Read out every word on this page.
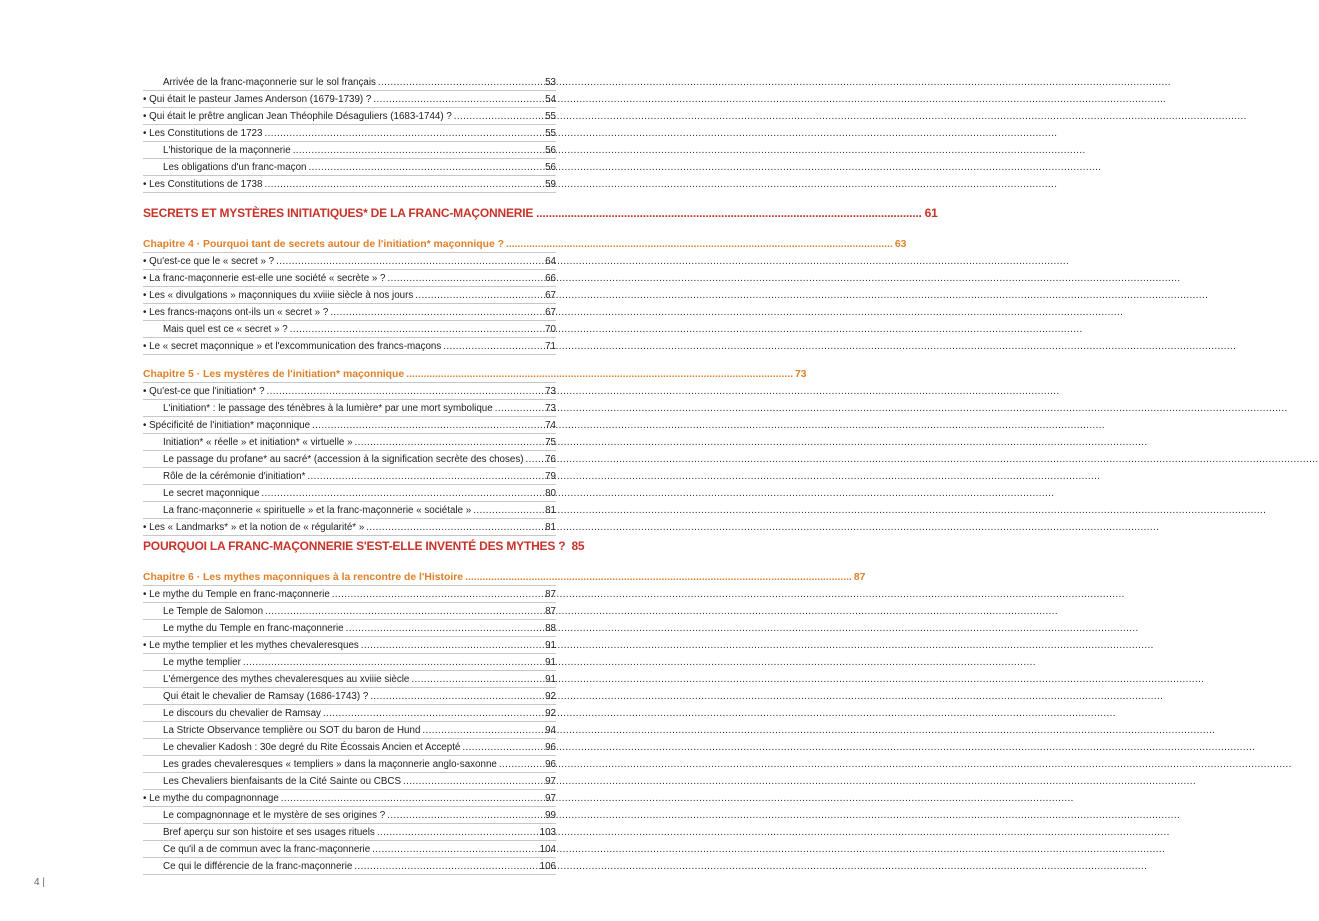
Arrivée de la franc-maçonnerie sur le sol français .....	53
• Qui était le pasteur James Anderson (1679-1739) ? .....	54
• Qui était le prêtre anglican Jean Théophile Désaguliers (1683-1744) ? .....	55
• Les Constitutions de 1723 .....	55
L'historique de la maçonnerie .....	56
Les obligations d'un franc-maçon .....	56
• Les Constitutions de 1738 .....	59
SECRETS ET MYSTÈRES INITIATIQUES* DE LA FRANC-MAÇONNERIE .....	61
Chapitre 4 · Pourquoi tant de secrets autour de l'initiation* maçonnique ? .....	63
• Qu'est-ce que le « secret » ? .....	64
• La franc-maçonnerie est-elle une société « secrète » ? .....	66
• Les « divulgations » maçonniques du xviiie siècle à nos jours .....	67
• Les francs-maçons ont-ils un « secret » ? .....	67
Mais quel est ce « secret » ? .....	70
• Le « secret maçonnique » et l'excommunication des francs-maçons .....	71
Chapitre 5 · Les mystères de l'initiation* maçonnique .....	73
• Qu'est-ce que l'initiation* ? .....	73
L'initiation* : le passage des ténèbres à la lumière* par une mort symbolique .....	73
• Spécificité de l'initiation* maçonnique .....	74
Initiation* « réelle » et initiation* « virtuelle » .....	75
Le passage du profane* au sacré* (accession à la signification secrète des choses) ..... 76
Rôle de la cérémonie d'initiation* .....	79
Le secret maçonnique .....	80
La franc-maçonnerie « spirituelle » et la franc-maçonnerie « sociétale » .....	81
• Les « Landmarks* » et la notion de « régularité* » .....	81
POURQUOI LA FRANC-MAÇONNERIE S'EST-ELLE INVENTÉ DES MYTHES ? 85
Chapitre 6 · Les mythes maçonniques à la rencontre de l'Histoire .....	87
• Le mythe du Temple en franc-maçonnerie .....	87
Le Temple de Salomon .....	87
Le mythe du Temple en franc-maçonnerie .....	88
• Le mythe templier et les mythes chevaleresques .....	91
Le mythe templier .....	91
L'émergence des mythes chevaleresques au xviiie siècle .....	91
Qui était le chevalier de Ramsay (1686-1743) ? .....	92
Le discours du chevalier de Ramsay .....	92
La Stricte Observance templière ou SOT du baron de Hund .....	94
Le chevalier Kadosh : 30e degré du Rite Écossais Ancien et Accepté .....	96
Les grades chevaleresques « templiers » dans la maçonnerie anglo-saxonne .....	96
Les Chevaliers bienfaisants de la Cité Sainte ou CBCS .....	97
• Le mythe du compagnonnage .....	97
Le compagnonnage et le mystère de ses origines ? .....	99
Bref aperçu sur son histoire et ses usages rituels .....	103
Ce qu'il a de commun avec la franc-maçonnerie .....	104
Ce qui le différencie de la franc-maçonnerie .....	106
4 |
